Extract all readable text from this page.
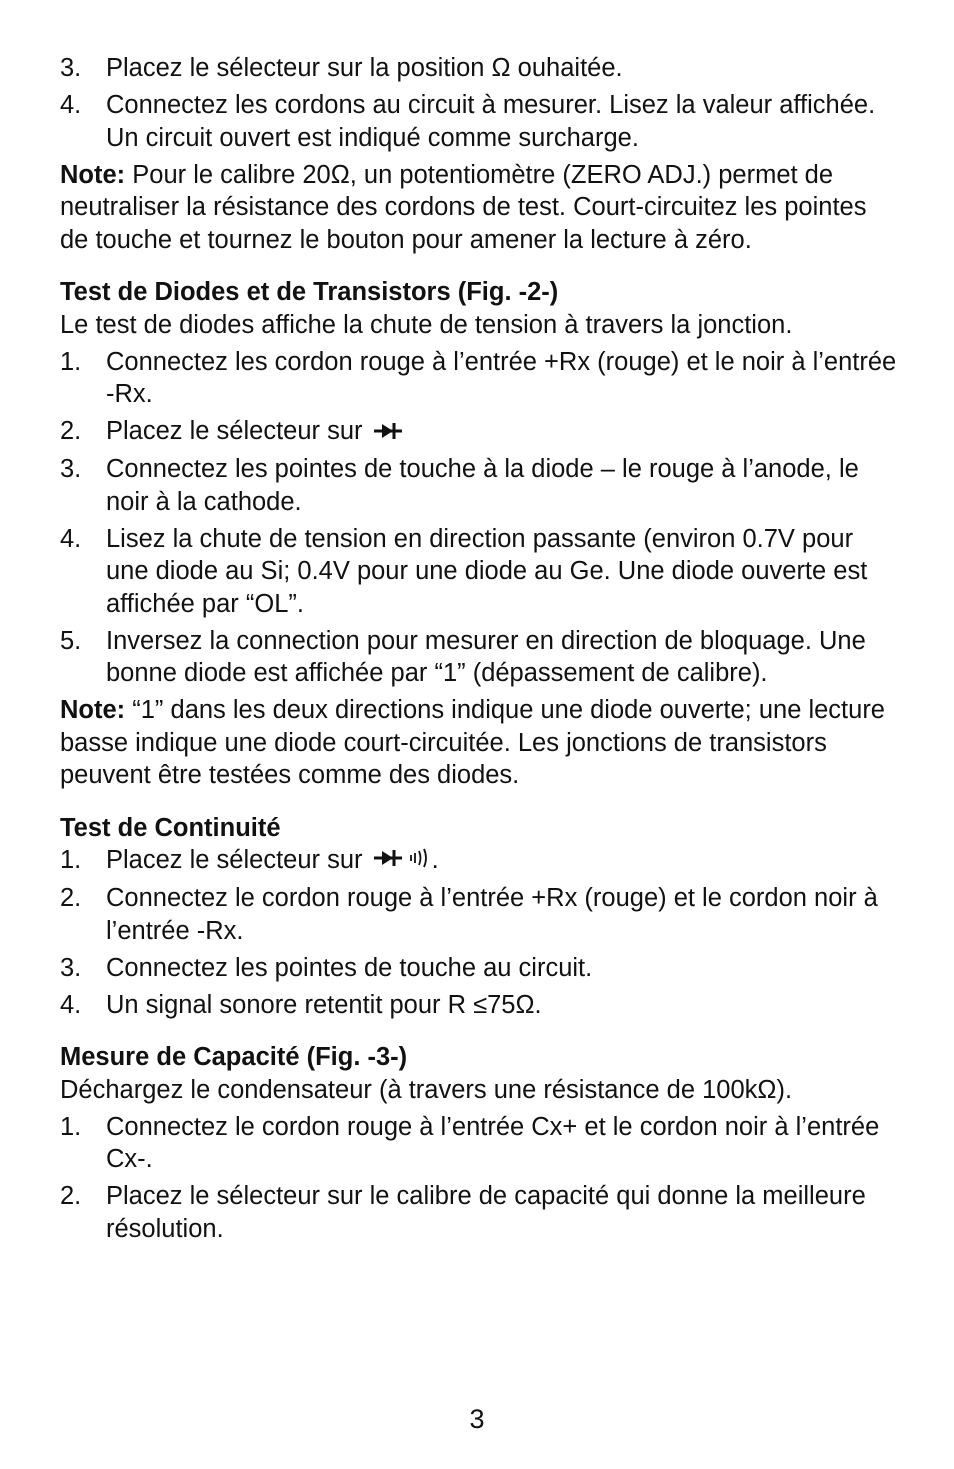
3. Placez le sélecteur sur la position Ω ouhaitée.
4. Connectez les cordons au circuit à mesurer. Lisez la valeur affichée. Un circuit ouvert est indiqué comme surcharge.

Note: Pour le calibre 20Ω, un potentiomètre (ZERO ADJ.) permet de neutraliser la résistance des cordons de test. Court-circuitez les pointes de touche et tournez le bouton pour amener la lecture à zéro.

Test de Diodes et de Transistors (Fig. -2-)

Le test de diodes affiche la chute de tension à travers la jonction.

1. Connectez les cordon rouge à l’entrée +Rx (rouge) et le noir à l’entrée -Rx.
2. Placez le sélecteur sur
3. Connectez les pointes de touche à la diode – le rouge à l’anode, le noir à la cathode.
4. Lisez la chute de tension en direction passante (environ 0.7V pour une diode au Si; 0.4V pour une diode au Ge. Une diode ouverte est affichée par “OL”.
5. Inversez la connection pour mesurer en direction de bloquage. Une bonne diode est affichée par “1” (dépassement de calibre).

Note: “1” dans les deux directions indique une diode ouverte; une lecture basse indique une diode court-circuitée. Les jonctions de transistors peuvent être testées comme des diodes.

Test de Continuité
1. Placez le sélecteur sur .
2. Connectez le cordon rouge à l’entrée +Rx (rouge) et le cordon noir à l’entrée -Rx.
3. Connectez les pointes de touche au circuit.
4. Un signal sonore retentit pour R ≤75Ω.
Mesure de Capacité (Fig. -3-)

Déchargez le condensateur (à travers une résistance de 100kΩ).

1. Connectez le cordon rouge à l’entrée Cx+ et le cordon noir à l’entrée Cx-.
2. Placez le sélecteur sur le calibre de capacité qui donne la meilleure résolution.
3
